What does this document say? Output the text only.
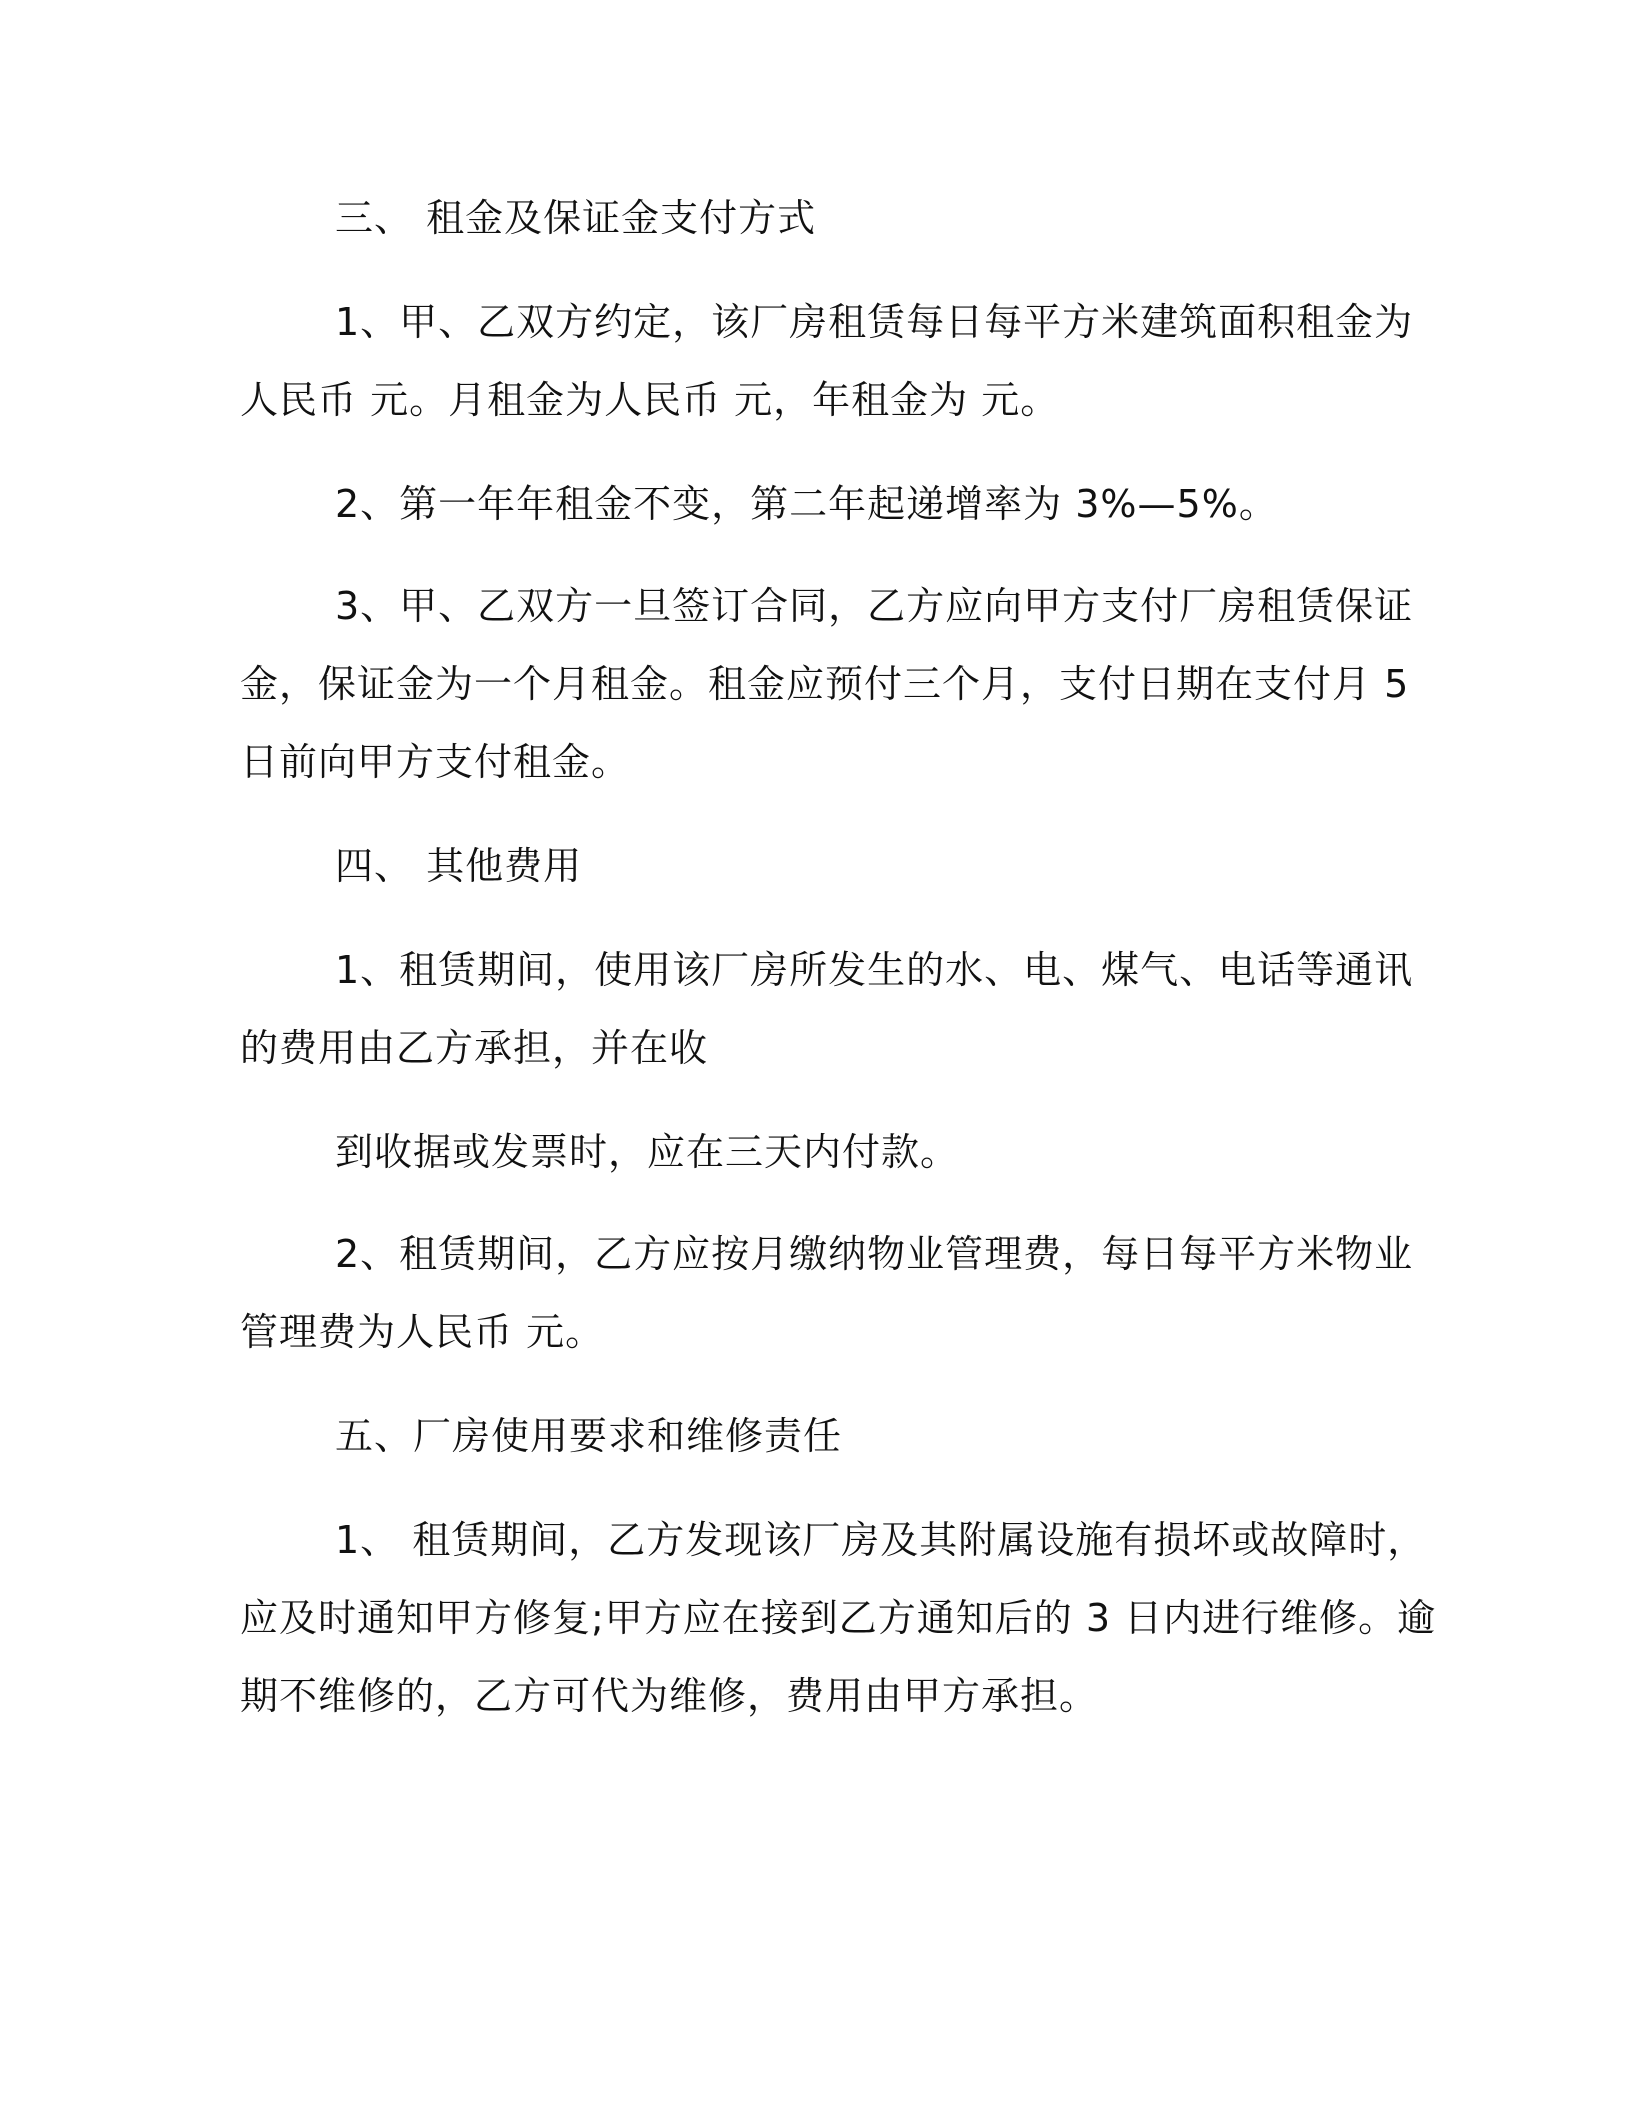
三、 租金及保证金支付方式
1、甲、乙双方约定，该厂房租赁每日每平方米建筑面积租金为
人民币 元。月租金为人民币 元，年租金为 元。
2、第一年年租金不变，第二年起递增率为 3%—5%。
3、甲、乙双方一旦签订合同，乙方应向甲方支付厂房租赁保证
金，保证金为一个月租金。租金应预付三个月，支付日期在支付月 5
日前向甲方支付租金。
四、 其他费用
1、租赁期间，使用该厂房所发生的水、电、煤气、电话等通讯
的费用由乙方承担，并在收
到收据或发票时，应在三天内付款。
2、租赁期间，乙方应按月缴纳物业管理费，每日每平方米物业
管理费为人民币 元。
五、厂房使用要求和维修责任
1、 租赁期间，乙方发现该厂房及其附属设施有损坏或故障时，
应及时通知甲方修复;甲方应在接到乙方通知后的 3 日内进行维修。逾
期不维修的，乙方可代为维修，费用由甲方承担。
